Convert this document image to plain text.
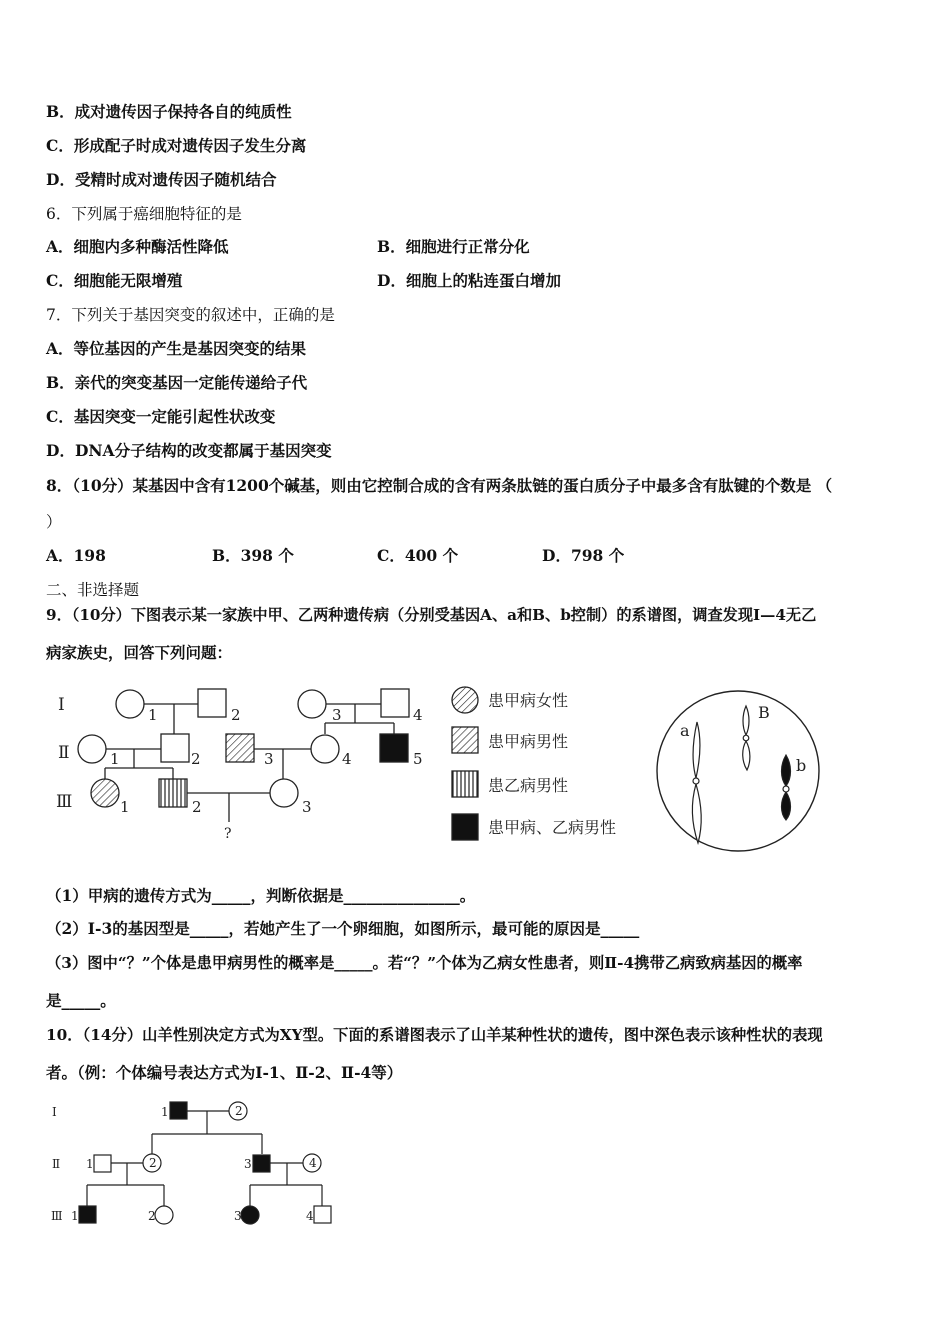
B．成对遗传因子保持各自的纯质性
C．形成配子时成对遗传因子发生分离
D．受精时成对遗传因子随机结合
6．下列属于癌细胞特征的是
A．细胞内多种酶活性降低	B．细胞进行正常分化
C．细胞能无限增殖	D．细胞上的粘连蛋白增加
7．下列关于基因突变的叙述中，正确的是
A．等位基因的产生是基因突变的结果
B．亲代的突变基因一定能传递给子代
C．基因突变一定能引起性状改变
D．DNA分子结构的改变都属于基因突变
8．（10分）某基因中含有1200个碱基，则由它控制合成的含有两条肽链的蛋白质分子中最多含有肽键的个数是 （
）
A．198	B．398 个	C．400 个	D．798 个
二、非选择题
9．（10分）下图表示某一家族中甲、乙两种遗传病（分别受基因A、a和B、b控制）的系谱图，调查发现Ⅰ—4无乙
病家族史，回答下列问题：
Ⅰ
Ⅱ
Ⅲ
1	2	3	4
1	2	3	4	5
1	2	3
?
患甲病女性
患甲病男性
患乙病男性
患甲病、乙病男性
a
B
b
（1）甲病的遗传方式为_____，判断依据是_______________。
（2）Ⅰ-3的基因型是_____，若她产生了一个卵细胞，如图所示，最可能的原因是_____
（3）图中“？”个体是患甲病男性的概率是_____。若“？”个体为乙病女性患者，则Ⅱ-4携带乙病致病基因的概率
是_____。
10．（14分）山羊性别决定方式为XY型。下面的系谱图表示了山羊某种性状的遗传，图中深色表示该种性状的表现
者。（例：个体编号表达方式为Ⅰ-1、Ⅱ-2、Ⅱ-4等）
Ⅰ
Ⅱ
Ⅲ
1	2
1	2	3	4
1	2	3	4
